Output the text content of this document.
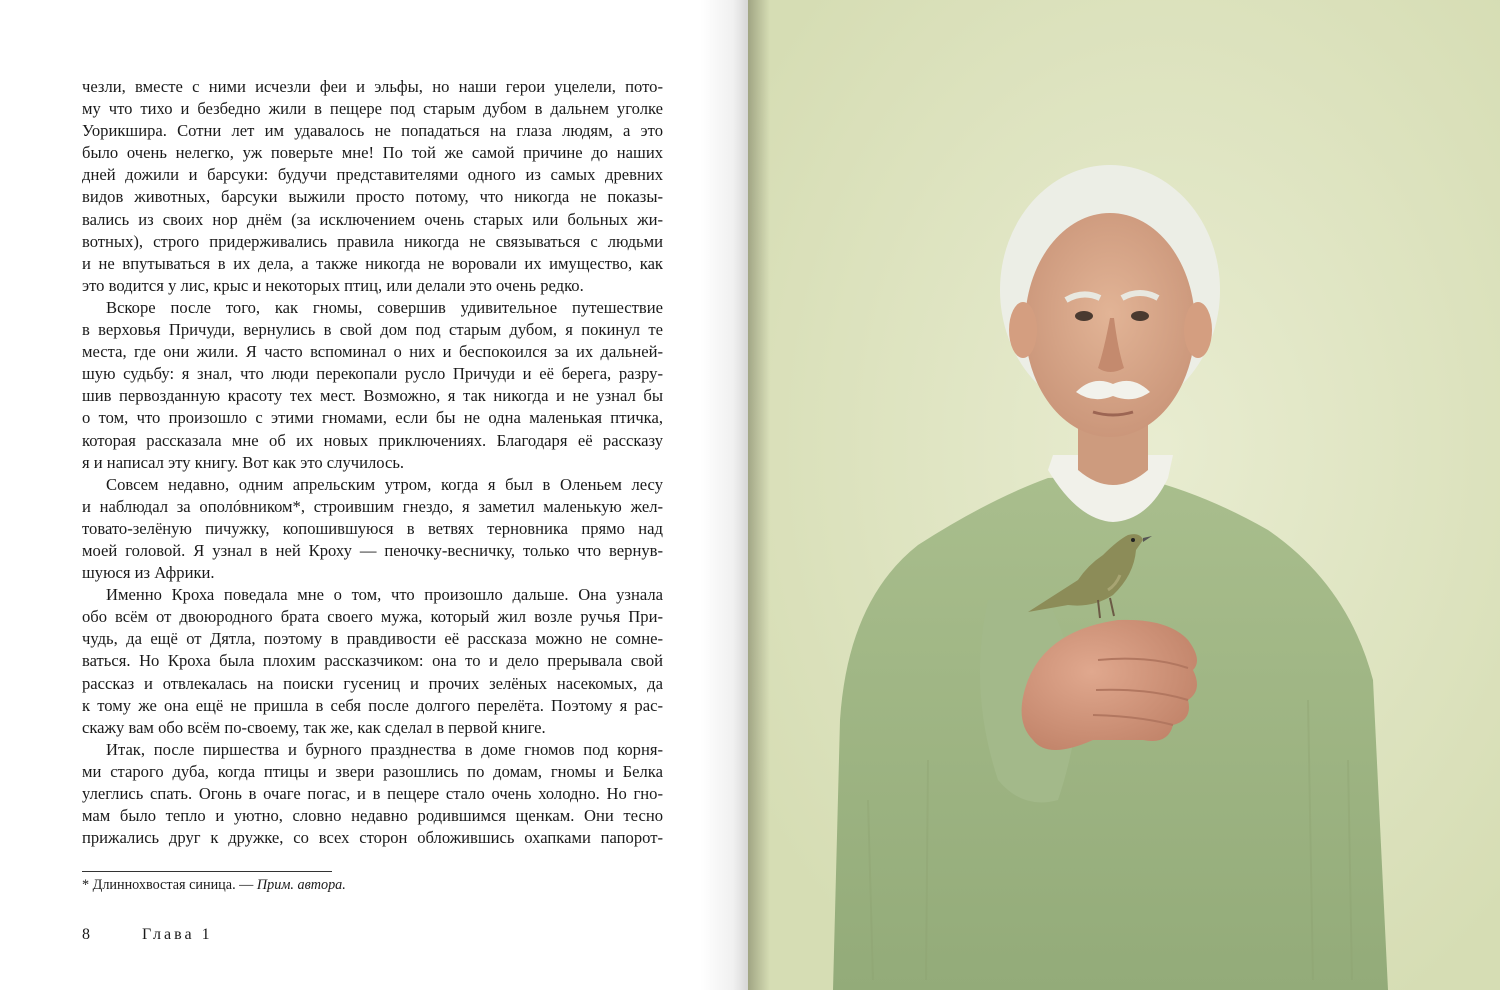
чезли, вместе с ними исчезли феи и эльфы, но наши герои уцелели, пото-
му что тихо и безбедно жили в пещере под старым дубом в дальнем уголке
Уорикшира. Сотни лет им удавалось не попадаться на глаза людям, а это
было очень нелегко, уж поверьте мне! По той же самой причине до наших
дней дожили и барсуки: будучи представителями одного из самых древних
видов животных, барсуки выжили просто потому, что никогда не показы-
вались из своих нор днём (за исключением очень старых или больных жи-
вотных), строго придерживались правила никогда не связываться с людьми
и не впутываться в их дела, а также никогда не воровали их имущество, как
это водится у лис, крыс и некоторых птиц, или делали это очень редко.
Вскоре после того, как гномы, совершив удивительное путешествие
в верховья Причуди, вернулись в свой дом под старым дубом, я покинул те
места, где они жили. Я часто вспоминал о них и беспокоился за их дальней-
шую судьбу: я знал, что люди перекопали русло Причуди и её берега, разру-
шив первозданную красоту тех мест. Возможно, я так никогда и не узнал бы
о том, что произошло с этими гномами, если бы не одна маленькая птичка,
которая рассказала мне об их новых приключениях. Благодаря её рассказу
я и написал эту книгу. Вот как это случилось.
Совсем недавно, одним апрельским утром, когда я был в Оленьем лесу
и наблюдал за ополóвником*, строившим гнездо, я заметил маленькую жел-
товато-зелёную пичужку, копошившуюся в ветвях терновника прямо над
моей головой. Я узнал в ней Кроху — пеночку-весничку, только что вернув-
шуюся из Африки.
Именно Кроха поведала мне о том, что произошло дальше. Она узнала
обо всём от двоюродного брата своего мужа, который жил возле ручья При-
чудь, да ещё от Дятла, поэтому в правдивости её рассказа можно не сомне-
ваться. Но Кроха была плохим рассказчиком: она то и дело прерывала свой
рассказ и отвлекалась на поиски гусениц и прочих зелёных насекомых, да
к тому же она ещё не пришла в себя после долгого перелёта. Поэтому я рас-
скажу вам обо всём по-своему, так же, как сделал в первой книге.
Итак, после пиршества и бурного празднества в доме гномов под корня-
ми старого дуба, когда птицы и звери разошлись по домам, гномы и Белка
улеглись спать. Огонь в очаге погас, и в пещере стало очень холодно. Но гно-
мам было тепло и уютно, словно недавно родившимся щенкам. Они тесно
прижались друг к дружке, со всех сторон обложившись охапками папорот-
* Длиннохвостая синица. — Прим. автора.
8	Глава 1
